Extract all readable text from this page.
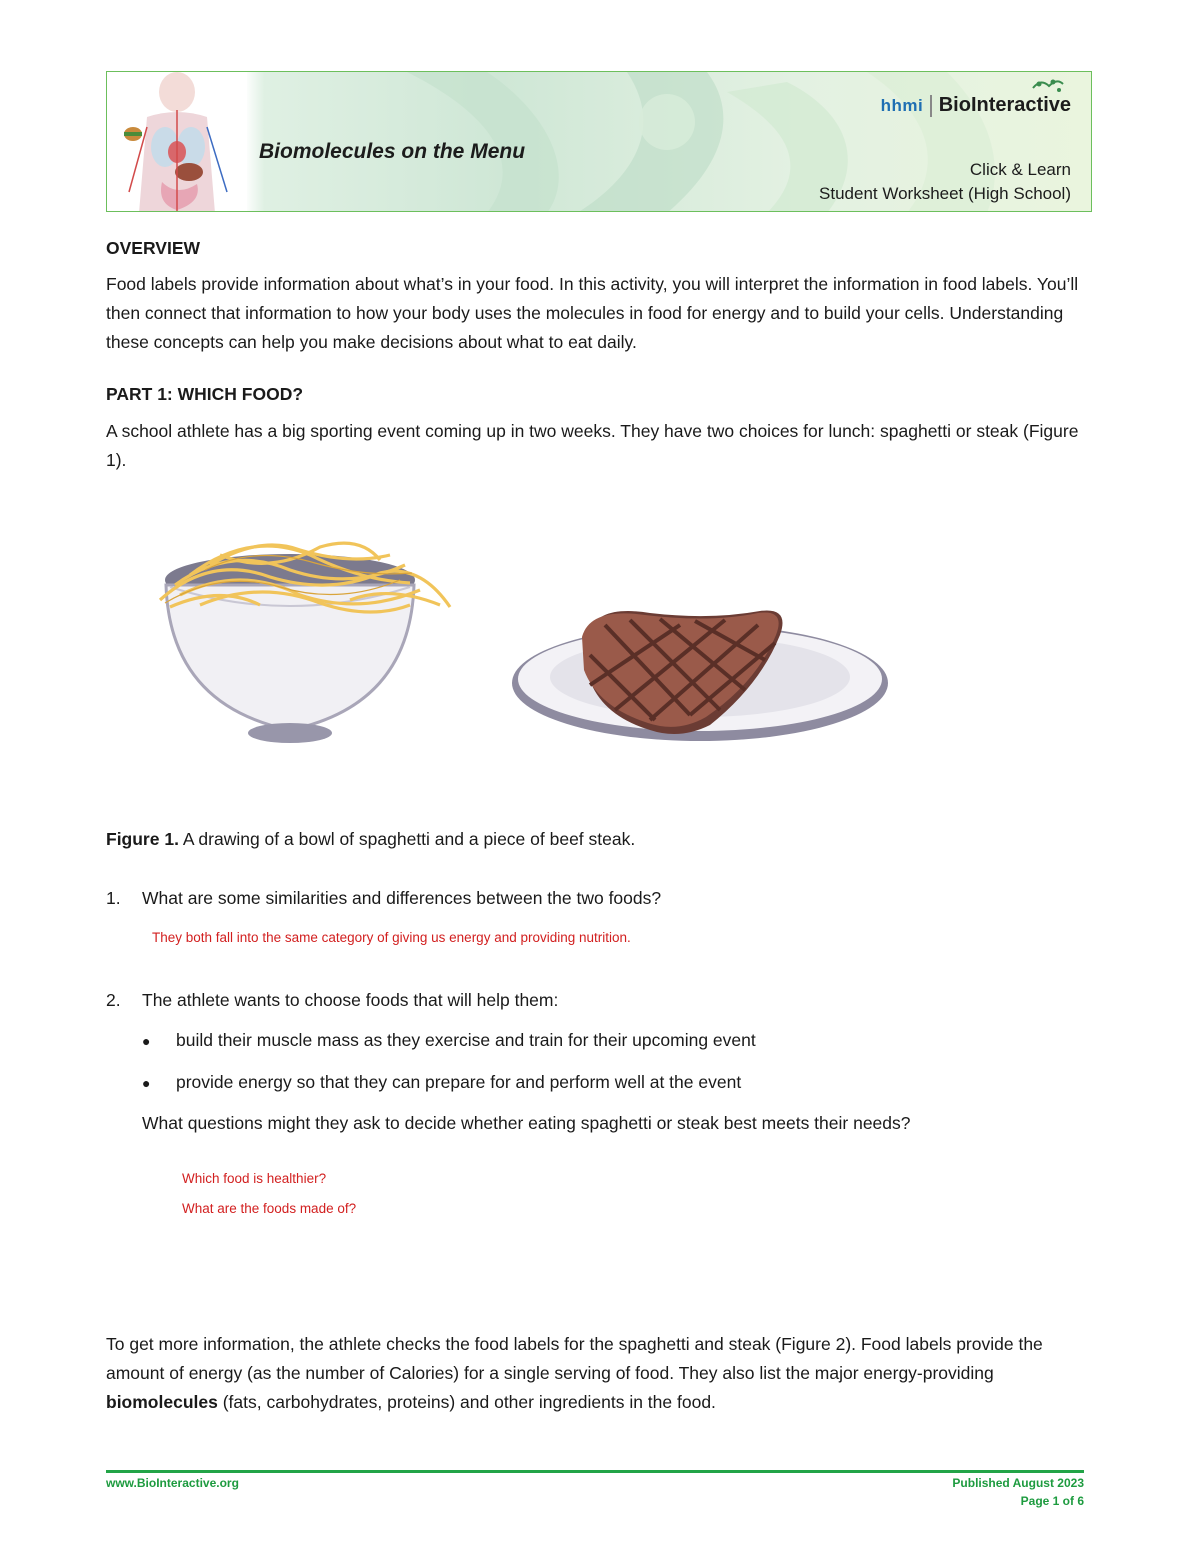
Biomolecules on the Menu
hhmi BioInteractive
Click & Learn
Student Worksheet (High School)
OVERVIEW
Food labels provide information about what’s in your food. In this activity, you will interpret the information in food labels. You’ll then connect that information to how your body uses the molecules in food for energy and to build your cells. Understanding these concepts can help you make decisions about what to eat daily.
PART 1: WHICH FOOD?
A school athlete has a big sporting event coming up in two weeks. They have two choices for lunch: spaghetti or steak (Figure 1).
Figure 1. A drawing of a bowl of spaghetti and a piece of beef steak.
1. What are some similarities and differences between the two foods?
They both fall into the same category of giving us energy and providing nutrition.
2. The athlete wants to choose foods that will help them:
● build their muscle mass as they exercise and train for their upcoming event
● provide energy so that they can prepare for and perform well at the event
What questions might they ask to decide whether eating spaghetti or steak best meets their needs?
Which food is healthier?
What are the foods made of?
To get more information, the athlete checks the food labels for the spaghetti and steak (Figure 2). Food labels provide the amount of energy (as the number of Calories) for a single serving of food. They also list the major energy-providing biomolecules (fats, carbohydrates, proteins) and other ingredients in the food.
www.BioInteractive.org	Published August 2023
Page 1 of 6
